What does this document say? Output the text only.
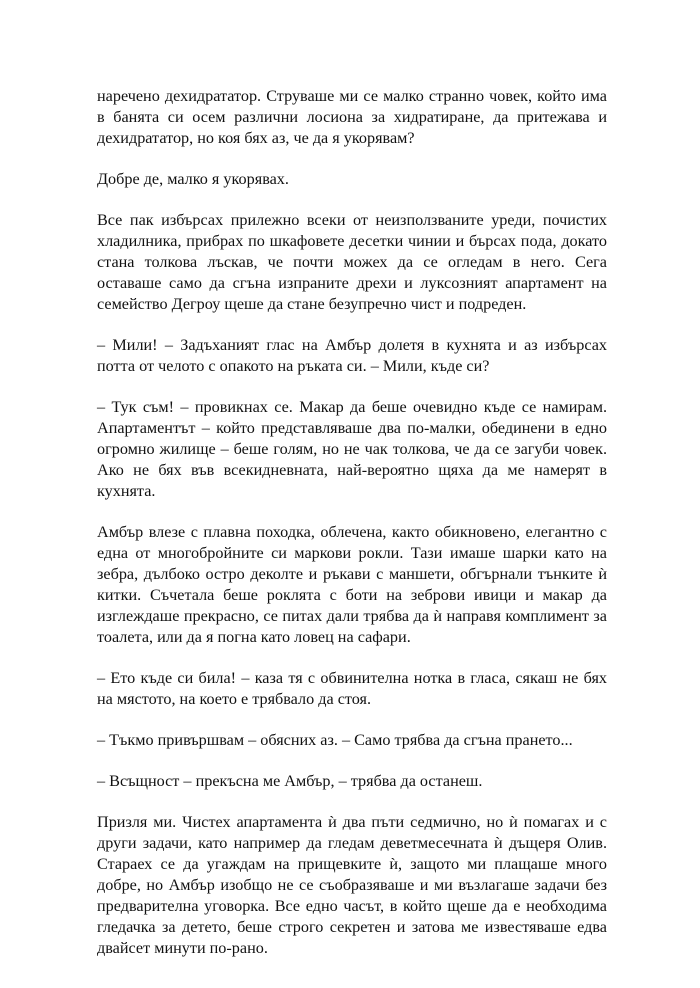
наречено дехидрататор. Струваше ми се малко странно човек, който има в банята си осем различни лосиона за хидратиране, да притежава и дехидрататор, но коя бях аз, че да я укорявам?

Добре де, малко я укорявах.

Все пак избърсах прилежно всеки от неизползваните уреди, почистих хладилника, прибрах по шкафовете десетки чинии и бърсах пода, докато стана толкова лъскав, че почти можех да се огледам в него. Сега оставаше само да сгъна изпраните дрехи и луксозният апартамент на семейство Дегроу щеше да стане безупречно чист и подреден.

– Мили! – Задъханият глас на Амбър долетя в кухнята и аз избърсах потта от челото с опакото на ръката си. – Мили, къде си?

– Тук съм! – провикнах се. Макар да беше очевидно къде се намирам. Апартаментът – който представляваше два по-малки, обединени в едно огромно жилище – беше голям, но не чак толкова, че да се загуби човек. Ако не бях във всекидневната, най-вероятно щяха да ме намерят в кухнята.

Амбър влезе с плавна походка, облечена, както обикновено, елегантно с една от многобройните си маркови рокли. Тази имаше шарки като на зебра, дълбоко остро деколте и ръкави с маншети, обгърнали тънките ѝ китки. Съчетала беше роклята с боти на зеброви ивици и макар да изглеждаше прекрасно, се питах дали трябва да ѝ направя комплимент за тоалета, или да я погна като ловец на сафари.

– Ето къде си била! – каза тя с обвинителна нотка в гласа, сякаш не бях на мястото, на което е трябвало да стоя.

– Тъкмо привършвам – обясних аз. – Само трябва да сгъна прането...

– Всъщност – прекъсна ме Амбър, – трябва да останеш.

Призля ми. Чистех апартамента ѝ два пъти седмично, но ѝ помагах и с други задачи, като например да гледам деветмесечната ѝ дъщеря Олив. Стараех се да угаждам на прищевките ѝ, защото ми плащаше много добре, но Амбър изобщо не се съобразяваше и ми възлагаше задачи без предварителна уговорка. Все едно часът, в който щеше да е необходима гледачка за детето, беше строго секретен и затова ме известяваше едва двайсет минути по-рано.
